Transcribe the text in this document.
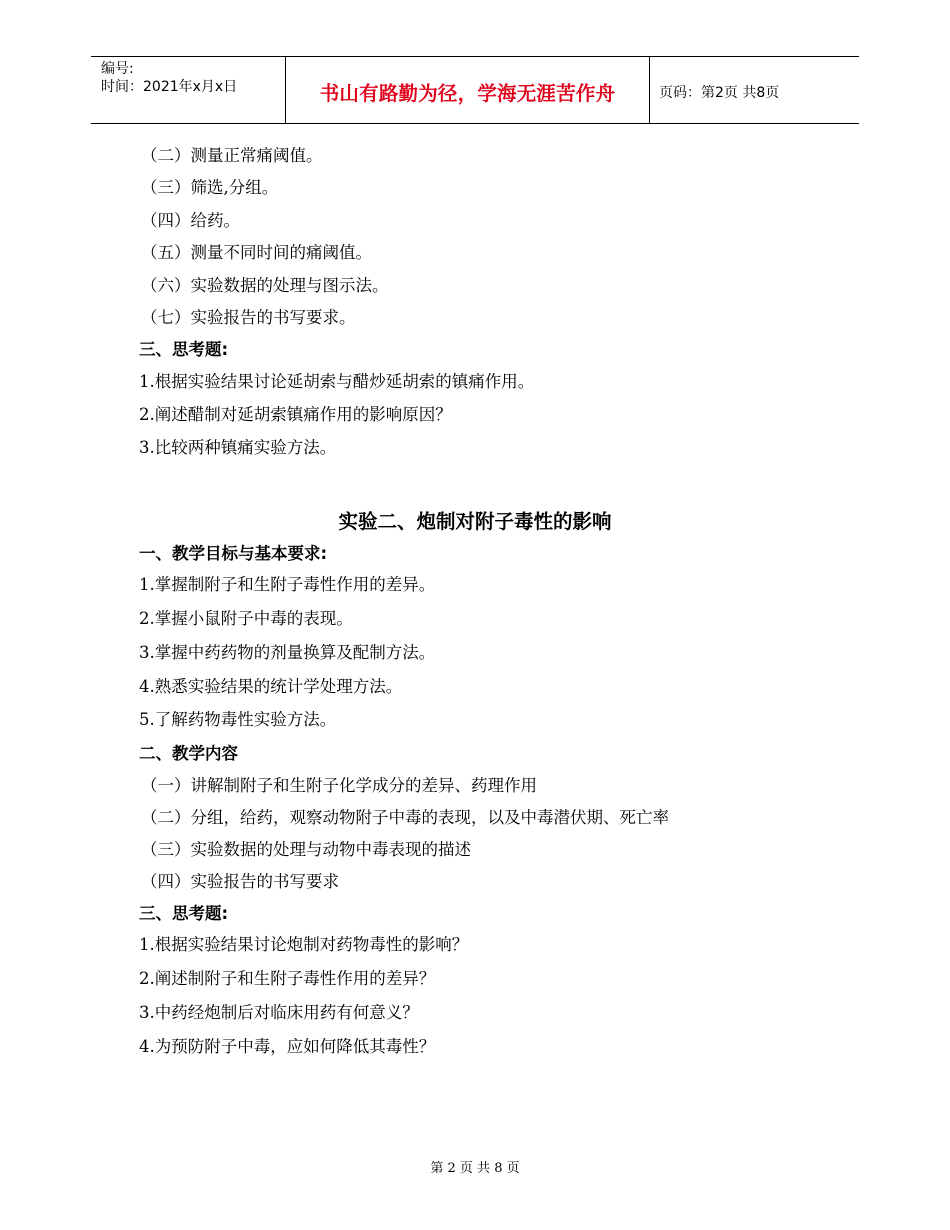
编号:
时间：2021年x月x日	书山有路勤为径，学海无涯苦作舟	页码：第2页 共8页
（二）测量正常痛阈值。
（三）筛选,分组。
（四）给药。
（五）测量不同时间的痛阈值。
（六）实验数据的处理与图示法。
（七）实验报告的书写要求。
三、思考题:
1.根据实验结果讨论延胡索与醋炒延胡索的镇痛作用。
2.阐述醋制对延胡索镇痛作用的影响原因？
3.比较两种镇痛实验方法。
实验二、炮制对附子毒性的影响
一、教学目标与基本要求:
1.掌握制附子和生附子毒性作用的差异。
2.掌握小鼠附子中毒的表现。
3.掌握中药药物的剂量换算及配制方法。
4.熟悉实验结果的统计学处理方法。
5.了解药物毒性实验方法。
二、教学内容
（一）讲解制附子和生附子化学成分的差异、药理作用
（二）分组，给药，观察动物附子中毒的表现，以及中毒潜伏期、死亡率
（三）实验数据的处理与动物中毒表现的描述
（四）实验报告的书写要求
三、思考题:
1.根据实验结果讨论炮制对药物毒性的影响？
2.阐述制附子和生附子毒性作用的差异？
3.中药经炮制后对临床用药有何意义？
4.为预防附子中毒，应如何降低其毒性？
第 2 页 共 8 页
